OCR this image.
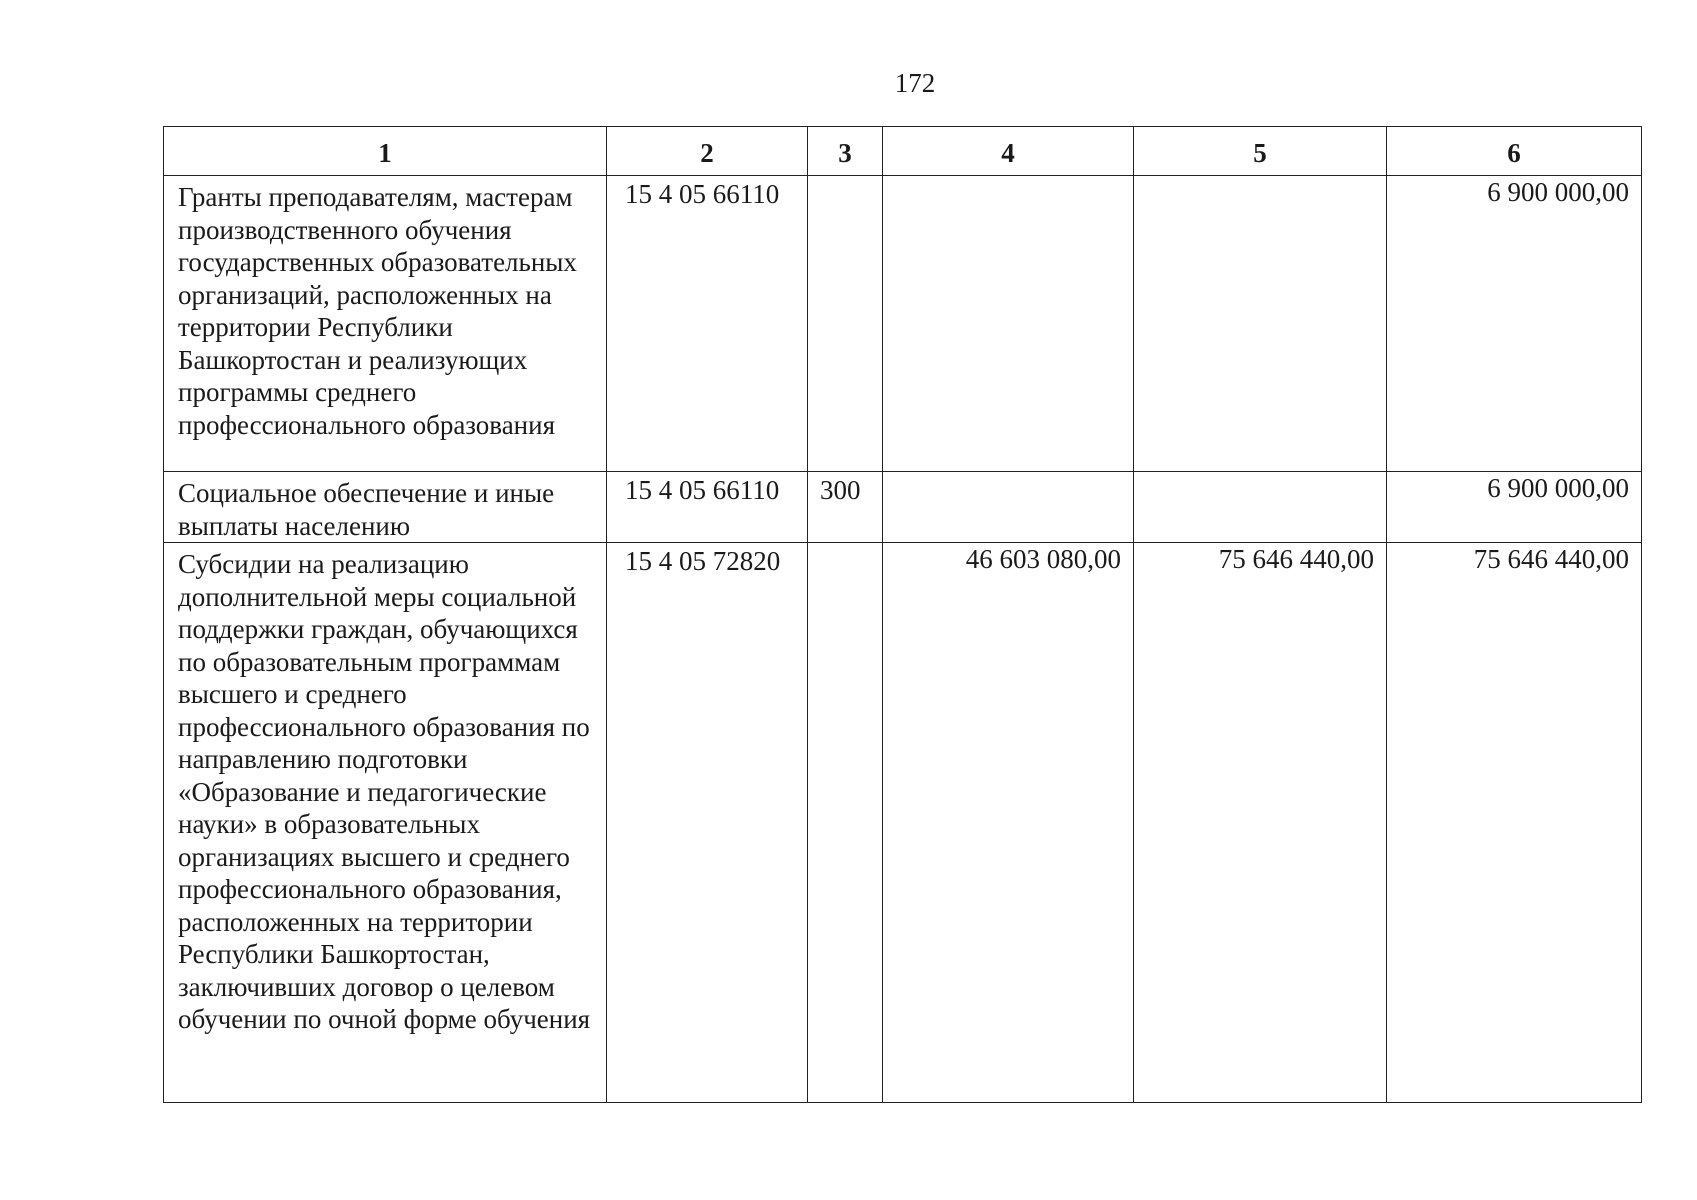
172
1	2	3	4	5	6
Гранты преподавателям, мастерам производственного обучения государственных образовательных организаций, расположенных на территории Республики Башкортостан и реализующих программы среднего профессионального образования	15 4 05 66110				6 900 000,00
Социальное обеспечение и иные выплаты населению	15 4 05 66110	300			6 900 000,00
Субсидии на реализацию дополнительной меры социальной поддержки граждан, обучающихся по образовательным программам высшего и среднего профессионального образования по направлению подготовки «Образование и педагогические науки» в образовательных организациях высшего и среднего профессионального образования, расположенных на территории Республики Башкортостан, заключивших договор о целевом обучении по очной форме обучения	15 4 05 72820		46 603 080,00	75 646 440,00	75 646 440,00
